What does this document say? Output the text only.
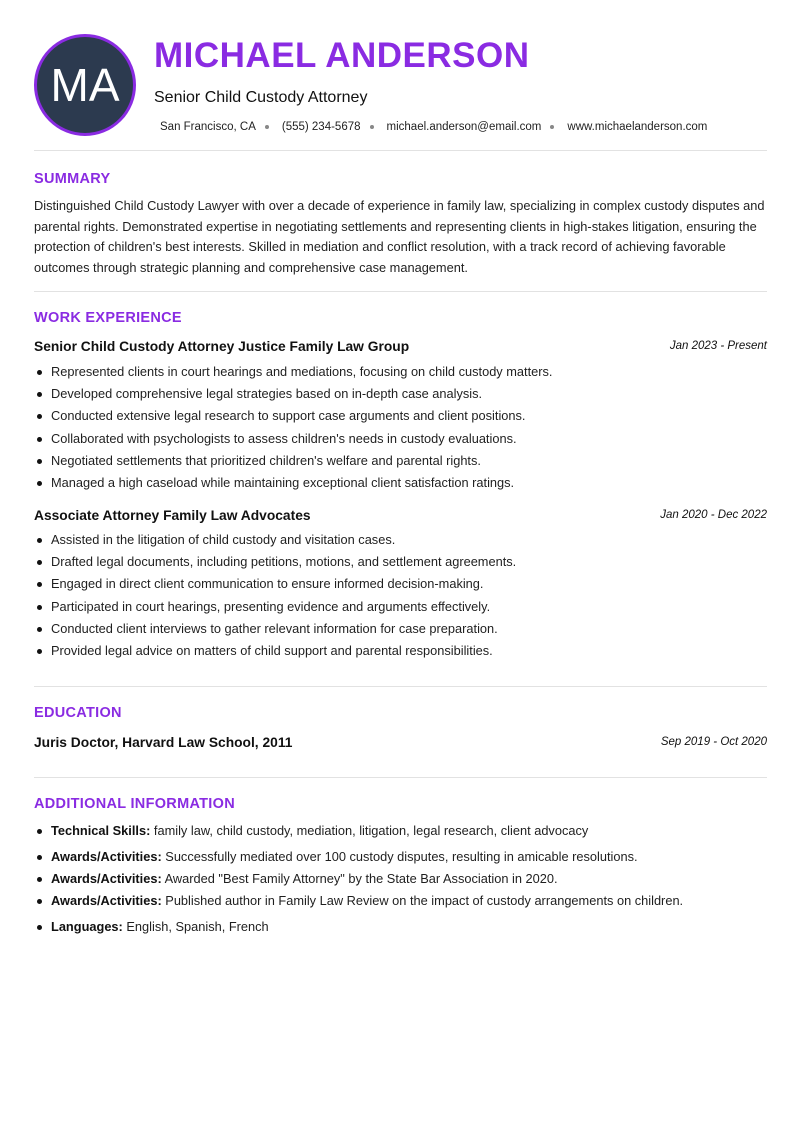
MA
MICHAEL ANDERSON
Senior Child Custody Attorney
San Francisco, CA (555) 234-5678 michael.anderson@email.com www.michaelanderson.com
SUMMARY
Distinguished Child Custody Lawyer with over a decade of experience in family law, specializing in complex custody disputes and parental rights. Demonstrated expertise in negotiating settlements and representing clients in high-stakes litigation, ensuring the protection of children's best interests. Skilled in mediation and conflict resolution, with a track record of achieving favorable outcomes through strategic planning and comprehensive case management.
WORK EXPERIENCE
Senior Child Custody Attorney Justice Family Law Group	Jan 2023 - Present
Represented clients in court hearings and mediations, focusing on child custody matters.
Developed comprehensive legal strategies based on in-depth case analysis.
Conducted extensive legal research to support case arguments and client positions.
Collaborated with psychologists to assess children's needs in custody evaluations.
Negotiated settlements that prioritized children's welfare and parental rights.
Managed a high caseload while maintaining exceptional client satisfaction ratings.
Associate Attorney Family Law Advocates	Jan 2020 - Dec 2022
Assisted in the litigation of child custody and visitation cases.
Drafted legal documents, including petitions, motions, and settlement agreements.
Engaged in direct client communication to ensure informed decision-making.
Participated in court hearings, presenting evidence and arguments effectively.
Conducted client interviews to gather relevant information for case preparation.
Provided legal advice on matters of child support and parental responsibilities.
EDUCATION
Juris Doctor, Harvard Law School, 2011	Sep 2019 - Oct 2020
ADDITIONAL INFORMATION
Technical Skills: family law, child custody, mediation, litigation, legal research, client advocacy
Awards/Activities: Successfully mediated over 100 custody disputes, resulting in amicable resolutions.
Awards/Activities: Awarded "Best Family Attorney" by the State Bar Association in 2020.
Awards/Activities: Published author in Family Law Review on the impact of custody arrangements on children.
Languages: English, Spanish, French
